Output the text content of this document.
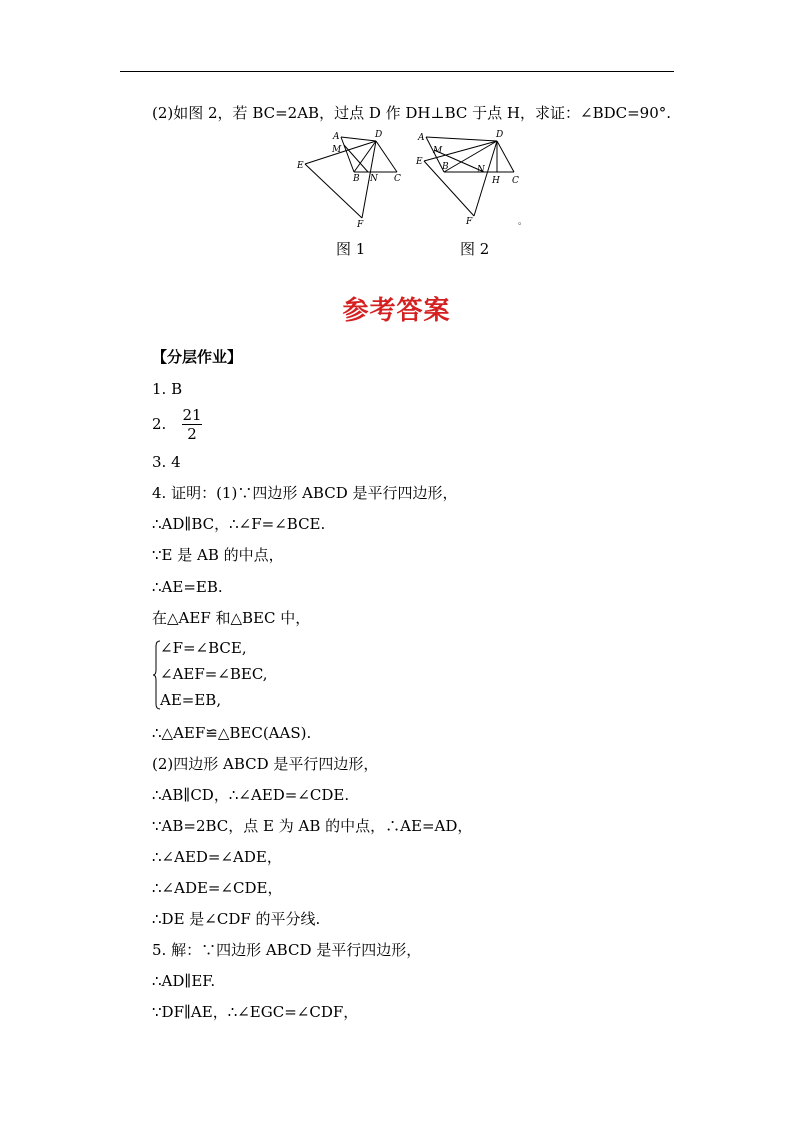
(2)如图 2，若 BC=2AB，过点 D 作 DH⊥BC 于点 H，求证：∠BDC=90°.
A	D
M
E
B N C
F
A	D
M
E B	N
H C
F	。
图 1	图 2
参考答案
【分层作业】
1. B
2. $\frac{21}{2}$
3. 4
4. 证明：(1)∵四边形 ABCD 是平行四边形，
∴AD∥BC，∴∠F=∠BCE.
∵E 是 AB 的中点，
∴AE=EB.
在△AEF 和△BEC 中，
∠F=∠BCE,
∠AEF=∠BEC,
AE=EB,
∴△AEF≌△BEC(AAS).
(2)四边形 ABCD 是平行四边形，
∴AB∥CD，∴∠AED=∠CDE.
∵AB=2BC，点 E 为 AB 的中点，∴AE=AD，
∴∠AED=∠ADE，
∴∠ADE=∠CDE，
∴DE 是∠CDF 的平分线.
5. 解：∵四边形 ABCD 是平行四边形，
∴AD∥EF.
∵DF∥AE，∴∠EGC=∠CDF，
